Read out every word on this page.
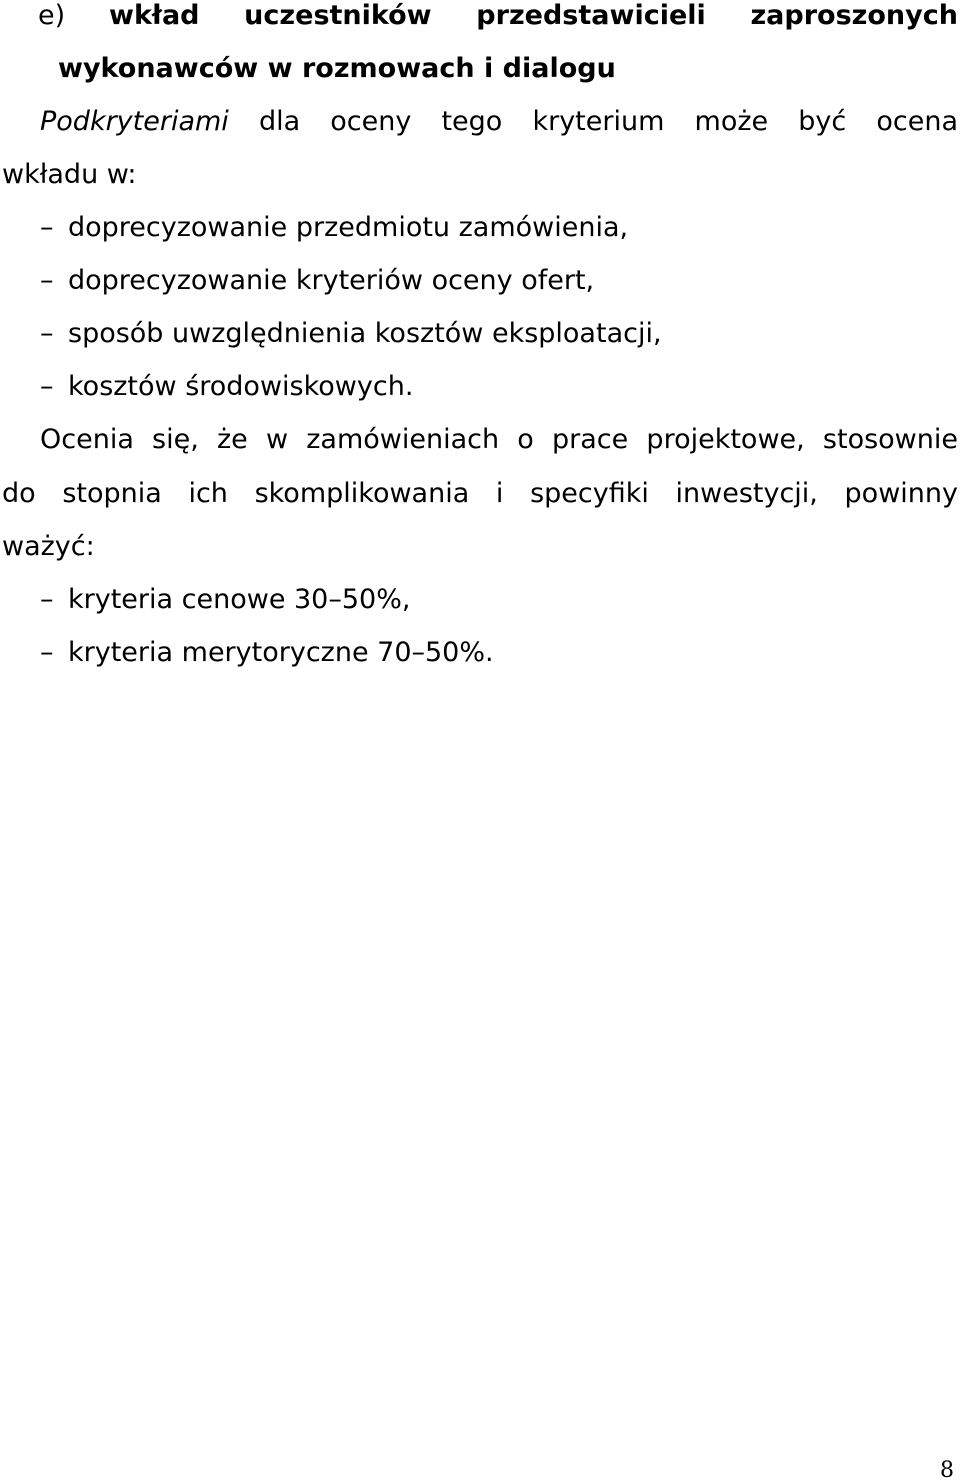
e) wkład uczestników przedstawicieli zaproszonych
wykonawców w rozmowach i dialogu
Podkryteriami dla oceny tego kryterium może być ocena
wkładu w:
– doprecyzowanie przedmiotu zamówienia,
– doprecyzowanie kryteriów oceny ofert,
– sposób uwzględnienia kosztów eksploatacji,
– kosztów środowiskowych.
Ocenia się, że w zamówieniach o prace projektowe, stosownie
do stopnia ich skomplikowania i specyfiki inwestycji, powinny
ważyć:
– kryteria cenowe 30–50%,
– kryteria merytoryczne 70–50%.
8
